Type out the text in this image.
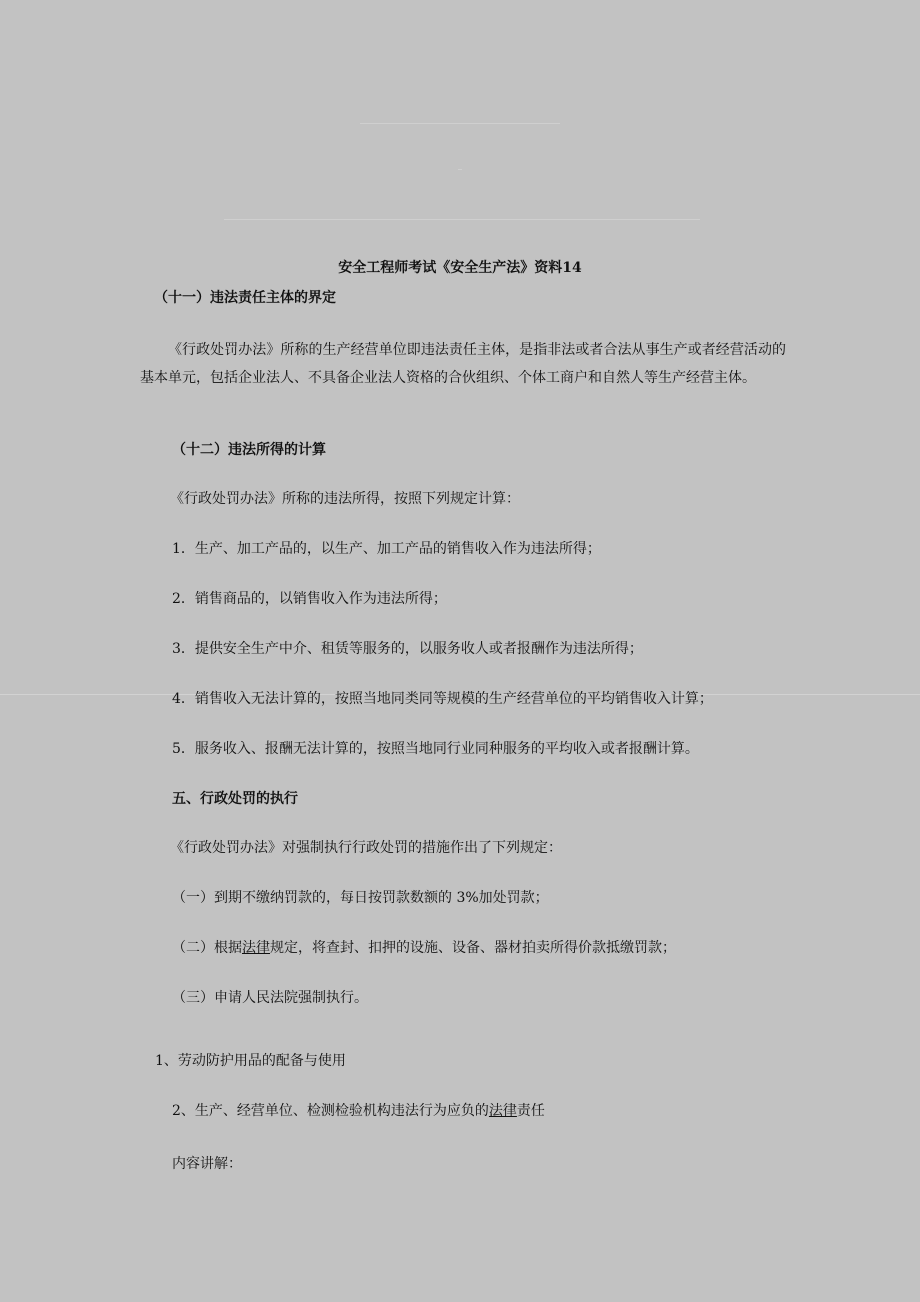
安全工程师考试《安全生产法》资料14
（十一）违法责任主体的界定

《行政处罚办法》所称的生产经营单位即违法责任主体，是指非法或者合法从事生产或者经营活动的基本单元，包括企业法人、不具备企业法人资格的合伙组织、个体工商户和自然人等生产经营主体。

（十二）违法所得的计算
《行政处罚办法》所称的违法所得，按照下列规定计算：
1．生产、加工产品的，以生产、加工产品的销售收入作为违法所得；
2．销售商品的，以销售收入作为违法所得；
3．提供安全生产中介、租赁等服务的，以服务收人或者报酬作为违法所得；
4．销售收入无法计算的，按照当地同类同等规模的生产经营单位的平均销售收入计算；
5．服务收入、报酬无法计算的，按照当地同行业同种服务的平均收入或者报酬计算。
五、行政处罚的执行
《行政处罚办法》对强制执行行政处罚的措施作出了下列规定：
（一）到期不缴纳罚款的，每日按罚款数额的 3%加处罚款；
（二）根据法律规定，将查封、扣押的设施、设备、器材拍卖所得价款抵缴罚款；
（三）申请人民法院强制执行。
1、劳动防护用品的配备与使用
2、生产、经营单位、检测检验机构违法行为应负的法律责任
内容讲解：
